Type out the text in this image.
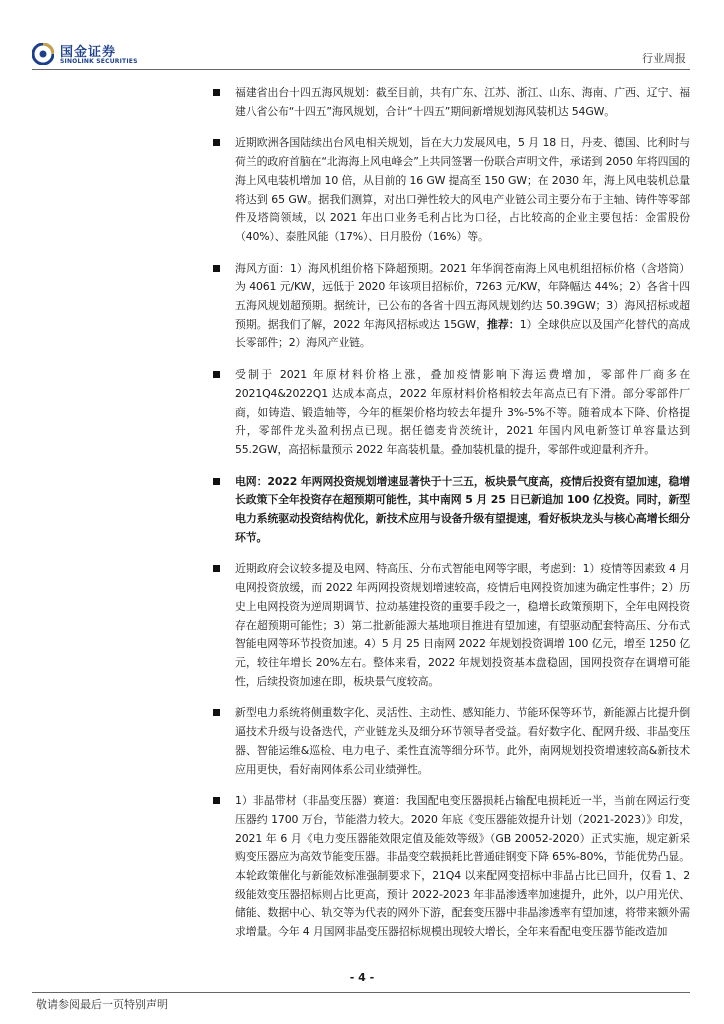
国金证券
SINOLINK SECURITIES	行业周报
福建省出台十四五海风规划：截至目前，共有广东、江苏、浙江、山东、海南、广西、辽宁、福建八省公布“十四五”海风规划，合计“十四五”期间新增规划海风装机达 54GW。
近期欧洲各国陆续出台风电相关规划，旨在大力发展风电，5 月 18 日，丹麦、德国、比利时与荷兰的政府首脑在“北海海上风电峰会”上共同签署一份联合声明文件，承诺到 2050 年将四国的海上风电装机增加 10 倍，从目前的 16 GW 提高至 150 GW；在 2030 年，海上风电装机总量将达到 65 GW。据我们测算，对出口弹性较大的风电产业链公司主要分布于主轴、铸件等零部件及塔筒领域，以 2021 年出口业务毛利占比为口径，占比较高的企业主要包括：金雷股份（40%）、泰胜风能（17%）、日月股份（16%）等。
海风方面：1）海风机组价格下降超预期。2021 年华润苍南海上风电机组招标价格（含塔筒）为 4061 元/KW，远低于 2020 年该项目招标价，7263 元/KW，年降幅达 44%；2）各省十四五海风规划超预期。据统计，已公布的各省十四五海风规划约达 50.39GW；3）海风招标或超预期。据我们了解，2022 年海风招标或达 15GW，推荐：1）全球供应以及国产化替代的高成长零部件；2）海风产业链。
受制于 2021 年原材料价格上涨，叠加疫情影响下海运费增加，零部件厂商多在 2021Q4&2022Q1 达成本高点，2022 年原材料价格相较去年高点已有下滑。部分零部件厂商，如铸造、锻造轴等，今年的框架价格均较去年提升 3%-5%不等。随着成本下降、价格提升，零部件龙头盈利拐点已现。据任德麦肯茨统计，2021 年国内风电新签订单容量达到 55.2GW，高招标量预示 2022 年高装机量。叠加装机量的提升，零部件或迎量利齐升。
电网：2022 年两网投资规划增速显著快于十三五，板块景气度高，疫情后投资有望加速，稳增长政策下全年投资存在超预期可能性，其中南网 5 月 25 日已新追加 100 亿投资。同时，新型电力系统驱动投资结构优化，新技术应用与设备升级有望提速，看好板块龙头与核心高增长细分环节。
近期政府会议较多提及电网、特高压、分布式智能电网等字眼，考虑到：1）疫情等因素致 4 月电网投资放缓，而 2022 年两网投资规划增速较高，疫情后电网投资加速为确定性事件；2）历史上电网投资为逆周期调节、拉动基建投资的重要手段之一，稳增长政策预期下，全年电网投资存在超预期可能性；3）第二批新能源大基地项目推进有望加速，有望驱动配套特高压、分布式智能电网等环节投资加速。4）5 月 25 日南网 2022 年规划投资调增 100 亿元，增至 1250 亿元，较往年增长 20%左右。整体来看，2022 年规划投资基本盘稳固，国网投资存在调增可能性，后续投资加速在即，板块景气度较高。
新型电力系统将侧重数字化、灵活性、主动性、感知能力、节能环保等环节，新能源占比提升倒逼技术升级与设备迭代，产业链龙头及细分环节领导者受益。看好数字化、配网升级、非晶变压器、智能运维&巡检、电力电子、柔性直流等细分环节。此外，南网规划投资增速较高&新技术应用更快，看好南网体系公司业绩弹性。
1）非晶带材（非晶变压器）赛道：我国配电变压器损耗占输配电损耗近一半，当前在网运行变压器约 1700 万台，节能潜力较大。2020 年底《变压器能效提升计划（2021-2023）》印发，2021 年 6 月《电力变压器能效限定值及能效等级》（GB 20052-2020）正式实施，规定新采购变压器应为高效节能变压器。非晶变空载损耗比普通硅钢变下降 65%-80%，节能优势凸显。本轮政策催化与新能效标准强制要求下，21Q4 以来配网变招标中非晶占比已回升，仅看 1、2 级能效变压器招标则占比更高，预计 2022-2023 年非晶渗透率加速提升，此外，以户用光伏、储能、数据中心、轨交等为代表的网外下游，配套变压器中非晶渗透率有望加速，将带来额外需求增量。今年 4 月国网非晶变压器招标规模出现较大增长，全年来看配电变压器节能改造加
- 4 -
敬请参阅最后一页特别声明
